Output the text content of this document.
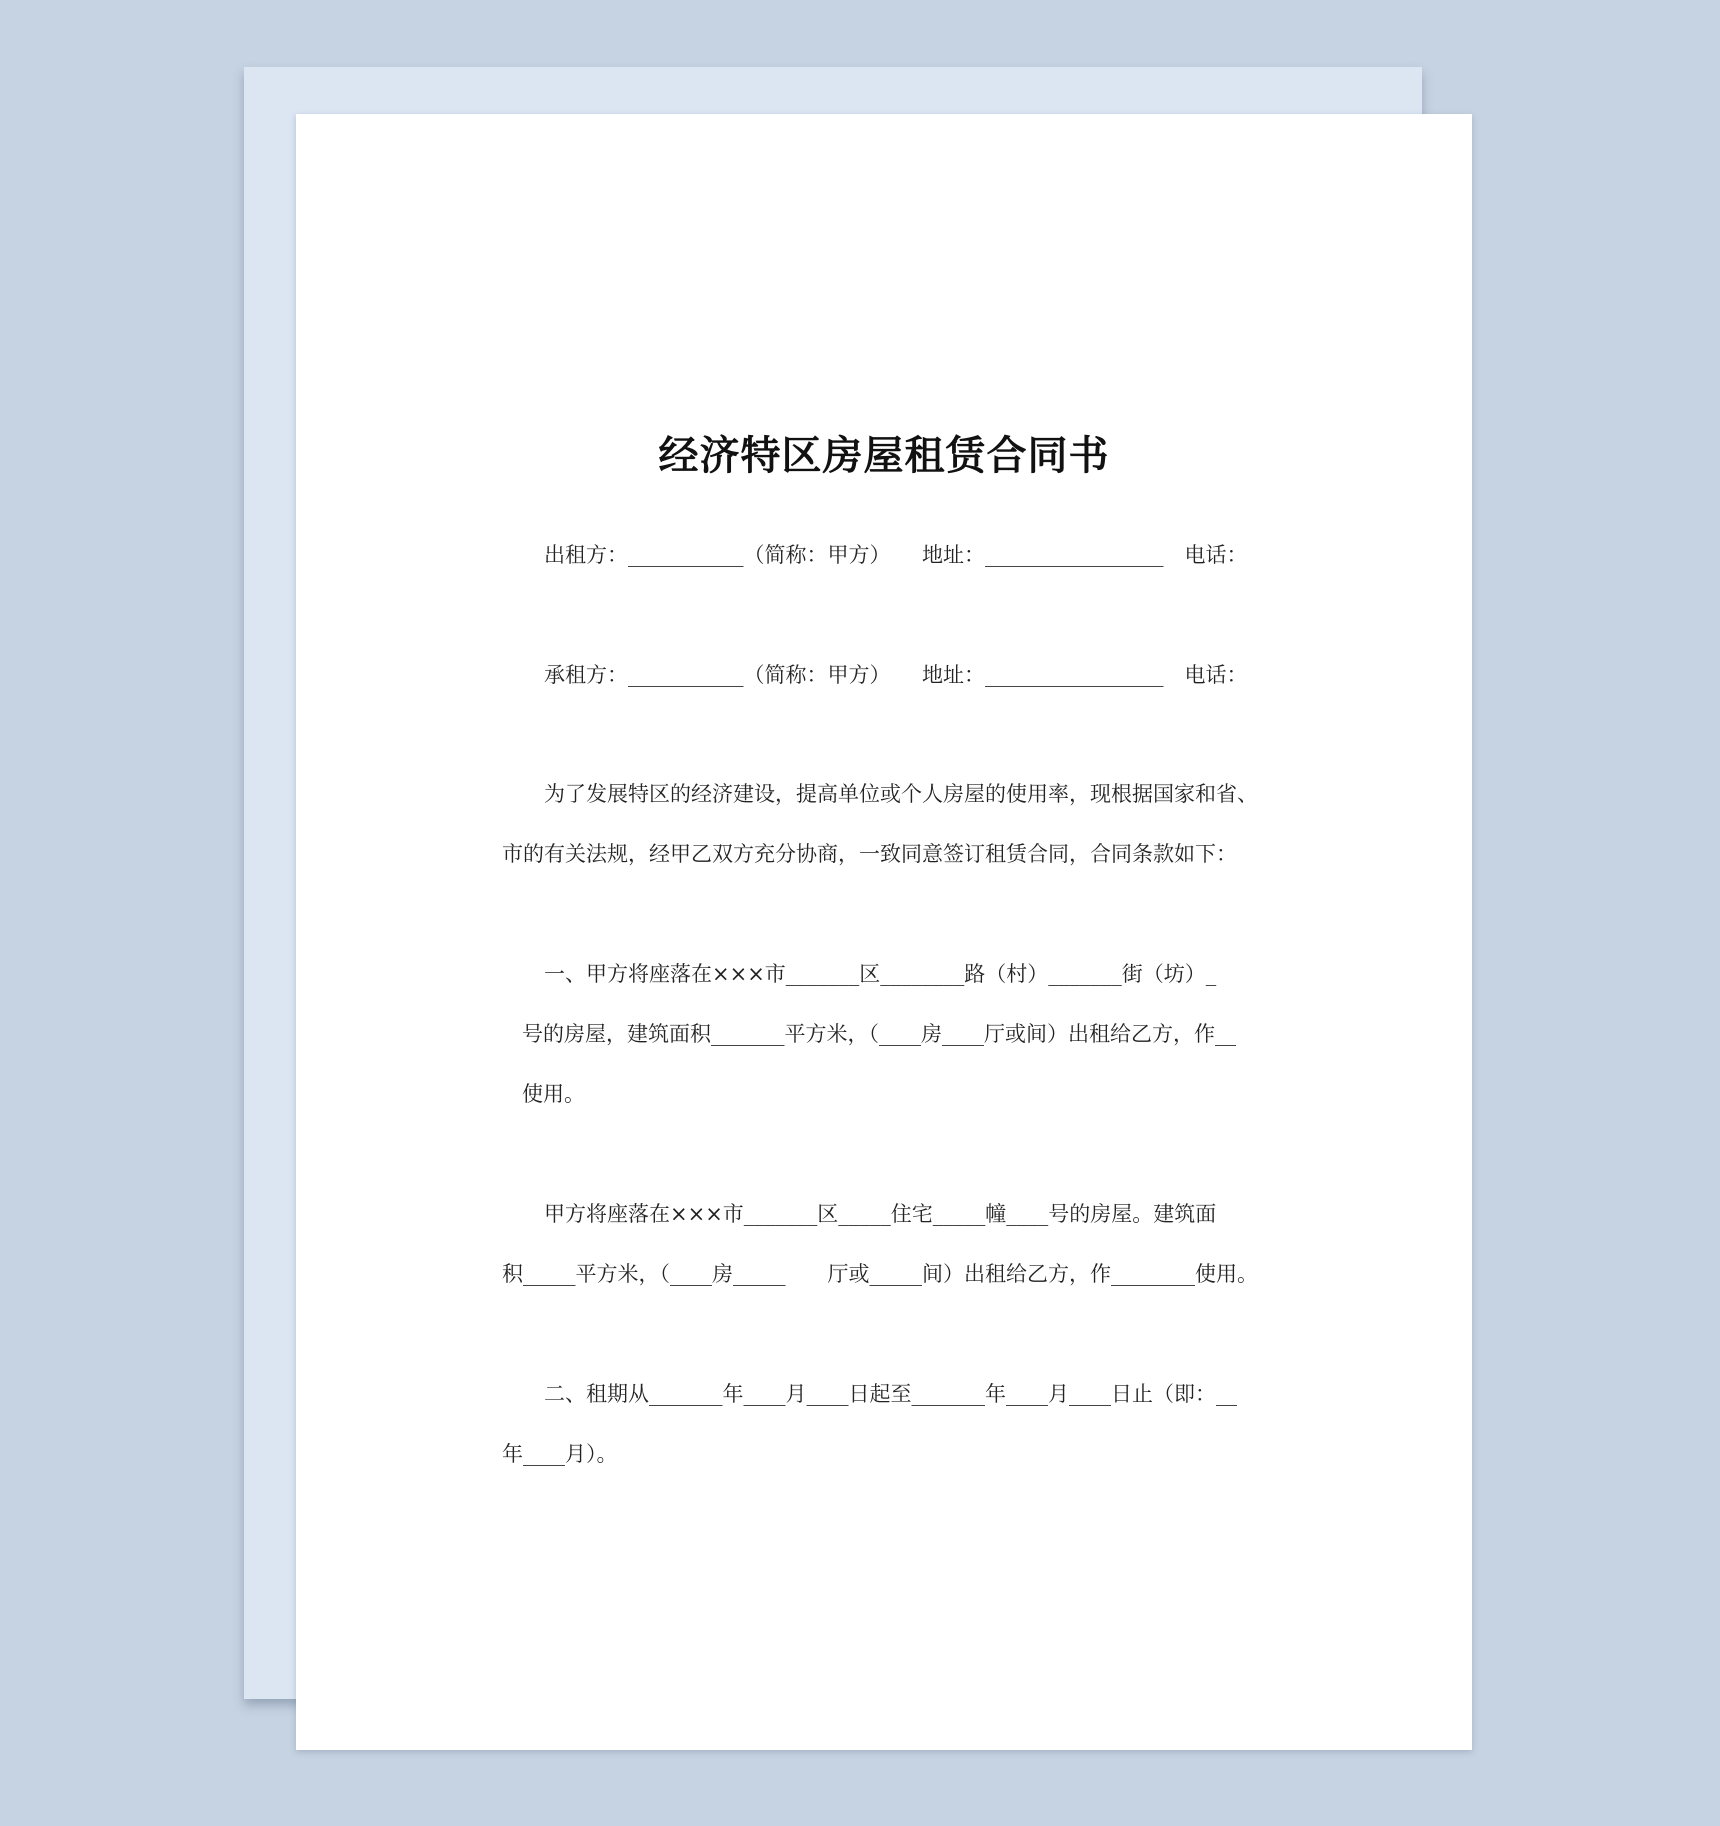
经济特区房屋租赁合同书
出租方：___________（简称：甲方）　　地址：_________________　电话：
承租方：___________（简称：甲方）　　地址：_________________　电话：
为了发展特区的经济建设，提高单位或个人房屋的使用率，现根据国家和省、
市的有关法规，经甲乙双方充分协商，一致同意签订租赁合同，合同条款如下：
一、甲方将座落在×××市_______区________路（村）_______街（坊）_
号的房屋，建筑面积_______平方米，（____房____厅或间）出租给乙方，作__
使用。
甲方将座落在×××市_______区_____住宅_____幢____号的房屋。建筑面
积_____平方米，（____房_____　　厅或_____间）出租给乙方，作________使用。
二、租期从_______年____月____日起至_______年____月____日止（即：__
年____月）。
